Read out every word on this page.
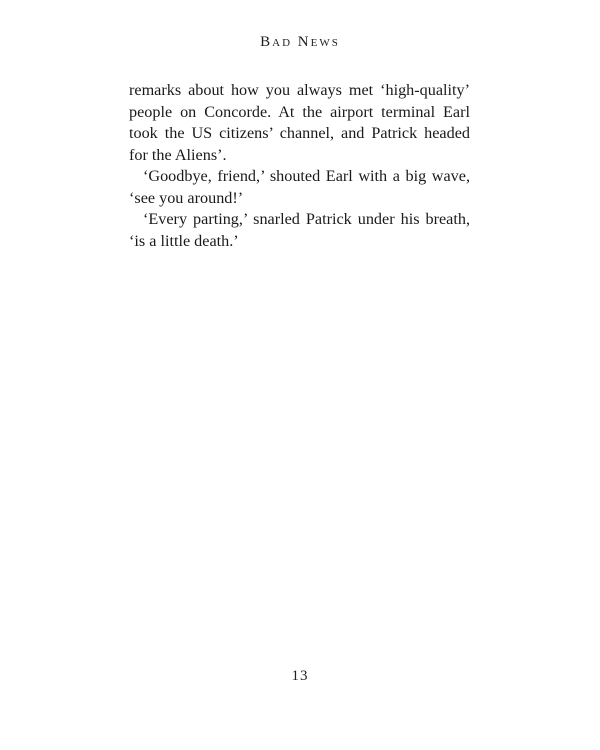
Bad News

remarks about how you always met ‘high-quality’ people on Concorde. At the airport terminal Earl took the US citizens’ channel, and Patrick headed for the Aliens’.

‘Goodbye, friend,’ shouted Earl with a big wave, ‘see you around!’

‘Every parting,’ snarled Patrick under his breath, ‘is a little death.’

13
